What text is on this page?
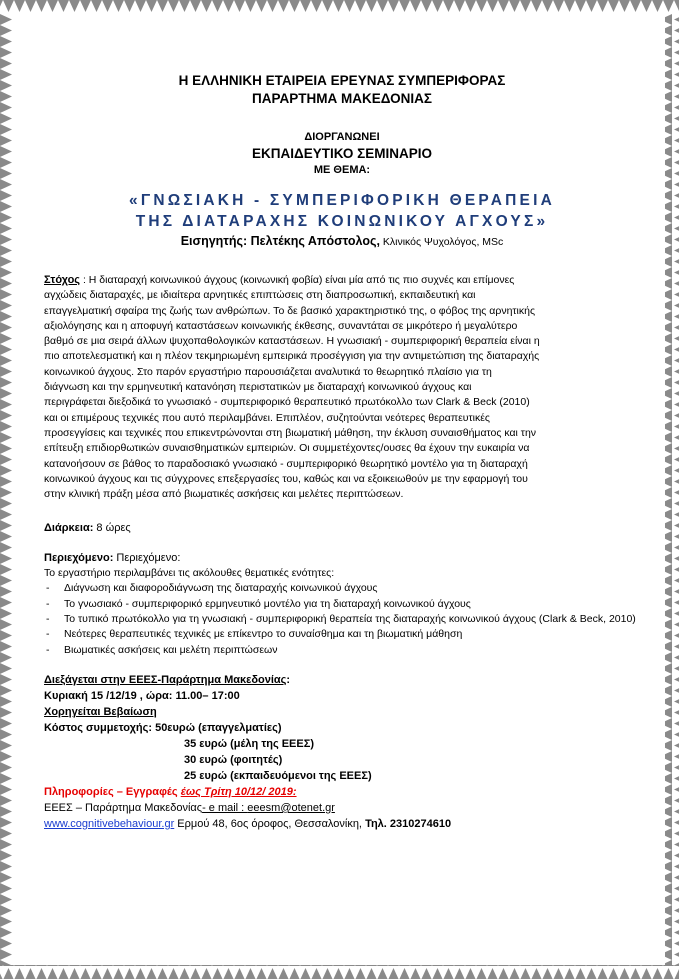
Η ΕΛΛΗΝΙΚΗ ΕΤΑΙΡΕΙΑ ΕΡΕΥΝΑΣ ΣΥΜΠΕΡΙΦΟΡΑΣ
ΠΑΡΑΡΤΗΜΑ ΜΑΚΕΔΟΝΙΑΣ
ΔΙΟΡΓΑΝΩΝΕΙ
ΕΚΠΑΙΔΕΥΤΙΚΟ ΣΕΜΙΝΑΡΙΟ
ΜΕ ΘΕΜΑ:
«ΓΝΩΣΙΑΚΗ - ΣΥΜΠΕΡΙΦΟΡΙΚΗ ΘΕΡΑΠΕΙΑ
ΤΗΣ ΔΙΑΤΑΡΑΧΗΣ ΚΟΙΝΩΝΙΚΟΥ ΑΓΧΟΥΣ»
Εισηγητής: Πελτέκης Απόστολος, Κλινικός Ψυχολόγος, MSc
Στόχος : Η διαταραχή κοινωνικού άγχους (κοινωνική φοβία) είναι μία από τις πιο συχνές και επίμονες
αγχώδεις διαταραχές, με ιδιαίτερα αρνητικές επιπτώσεις στη διαπροσωπική, εκπαιδευτική και
επαγγελματική σφαίρα της ζωής των ανθρώπων. Το δε βασικό χαρακτηριστικό της, ο φόβος της αρνητικής
αξιολόγησης και η αποφυγή καταστάσεων κοινωνικής έκθεσης, συναντάται σε μικρότερο ή μεγαλύτερο
βαθμό σε μια σειρά άλλων ψυχοπαθολογικών καταστάσεων. Η γνωσιακή - συμπεριφορική θεραπεία είναι η
πιο αποτελεσματική και η πλέον τεκμηριωμένη εμπειρικά προσέγγιση για την αντιμετώπιση της διαταραχής
κοινωνικού άγχους. Στο παρόν εργαστήριο παρουσιάζεται αναλυτικά το θεωρητικό πλαίσιο για τη
διάγνωση και την ερμηνευτική κατανόηση περιστατικών με διαταραχή κοινωνικού άγχους και
περιγράφεται διεξοδικά το γνωσιακό - συμπεριφορικό θεραπευτικό πρωτόκολλο των Clark & Beck (2010)
και οι επιμέρους τεχνικές που αυτό περιλαμβάνει. Επιπλέον, συζητούνται νεότερες θεραπευτικές
προσεγγίσεις και τεχνικές που επικεντρώνονται στη βιωματική μάθηση, την έκλυση συναισθήματος και την
επίτευξη επιδιορθωτικών συναισθηματικών εμπειριών. Οι συμμετέχοντες/ουσες θα έχουν την ευκαιρία να
κατανοήσουν σε βάθος το παραδοσιακό γνωσιακό - συμπεριφορικό θεωρητικό μοντέλο για τη διαταραχή
κοινωνικού άγχους και τις σύγχρονες επεξεργασίες του, καθώς και να εξοικειωθούν με την εφαρμογή του
στην κλινική πράξη μέσα από βιωματικές ασκήσεις και μελέτες περιπτώσεων.
Διάρκεια: 8 ώρες
Περιεχόμενο: Περιεχόμενο:
Το εργαστήριο περιλαμβάνει τις ακόλουθες θεματικές ενότητες:
- Διάγνωση και διαφοροδιάγνωση της διαταραχής κοινωνικού άγχους
- Το γνωσιακό - συμπεριφορικό ερμηνευτικό μοντέλο για τη διαταραχή κοινωνικού άγχους
- Το τυπικό πρωτόκολλο για τη γνωσιακή - συμπεριφορική θεραπεία της διαταραχής κοινωνικού άγχους (Clark & Beck, 2010)
- Νεότερες θεραπευτικές τεχνικές με επίκεντρο το συναίσθημα και τη βιωματική μάθηση
- Βιωματικές ασκήσεις και μελέτη περιπτώσεων
Διεξάγεται στην ΕΕΕΣ-Παράρτημα Μακεδονίας:
Κυριακή 15 /12/19 , ώρα: 11.00– 17:00
Χορηγείται Βεβαίωση
Κόστος συμμετοχής: 50ευρώ (επαγγελματίες)
35 ευρώ (μέλη της ΕΕΕΣ)
30 ευρώ (φοιτητές)
25 ευρώ (εκπαιδευόμενοι της ΕΕΕΣ)
Πληροφορίες – Εγγραφές έως Τρίτη 10/12/ 2019:
ΕΕΕΣ – Παράρτημα Μακεδονίας- e mail : eeesm@otenet.gr
www.cognitivebehaviour.gr Ερμού 48, 6ος όροφος, Θεσσαλονίκη, Τηλ. 2310274610
